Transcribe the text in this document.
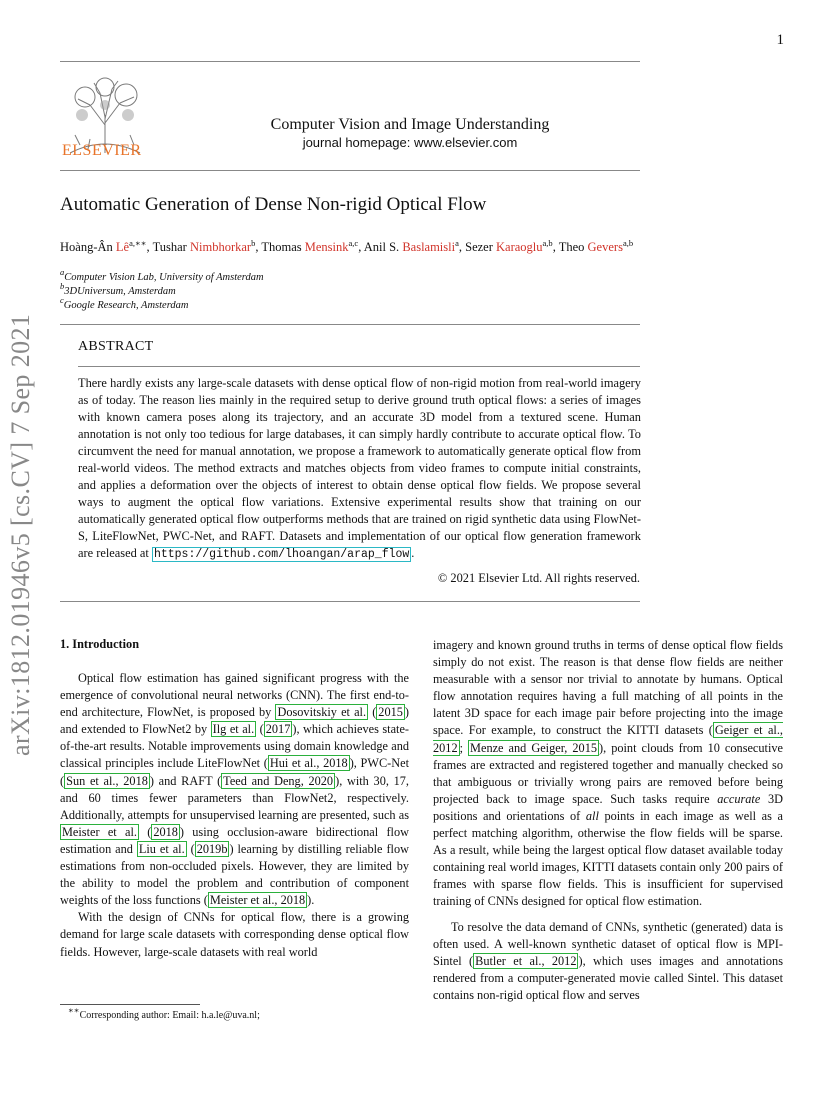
1
ELSEVIER
Computer Vision and Image Understanding
journal homepage: www.elsevier.com
Automatic Generation of Dense Non-rigid Optical Flow
Hoàng-Ân $Lê^{a,∗∗}$, Tushar Nimbhorkar$^b$, Thomas Mensink$^{a,c}$, Anil S. Baslamisli$^a$, Sezer Karaoglu$^{a,b}$, Theo Gevers$^{a,b}$
$^a$Computer Vision Lab, University of Amsterdam
$^b$3DUniversum, Amsterdam
$^c$Google Research, Amsterdam
ABSTRACT
There hardly exists any large-scale datasets with dense optical flow of non-rigid motion from real-world imagery as of today. The reason lies mainly in the required setup to derive ground truth optical flows: a series of images with known camera poses along its trajectory, and an accurate 3D model from a textured scene. Human annotation is not only too tedious for large databases, it can simply hardly contribute to accurate optical flow. To circumvent the need for manual annotation, we propose a framework to automatically generate optical flow from real-world videos. The method extracts and matches objects from video frames to compute initial constraints, and applies a deformation over the objects of interest to obtain dense optical flow fields. We propose several ways to augment the optical flow variations. Extensive experimental results show that training on our automatically generated optical flow outperforms methods that are trained on rigid synthetic data using FlowNet-S, LiteFlowNet, PWC-Net, and RAFT. Datasets and implementation of our optical flow generation framework are released at https://github.com/lhoangan/arap_flow .
© 2021 Elsevier Ltd. All rights reserved.
arXiv:1812.01946v5 [cs.CV] 7 Sep 2021 1. Introduction

Optical flow estimation has gained significant progress with the emergence of convolutional neural networks (CNN). The first end-to-end architecture, FlowNet, is proposed by Dosovitskiy et al. ( 2015 ) and extended to FlowNet2 by Ilg et al. ( 2017 ), which achieves state-of-the-art results. Notable improvements using domain knowledge and classical principles include LiteFlowNet ( Hui et al., 2018 ), PWC-Net ( Sun et al., 2018 ) and RAFT ( Teed and Deng, 2020 ), with 30, 17, and 60 times fewer parameters than FlowNet2, respectively. Additionally, attempts for unsupervised learning are presented, such as Meister et al. ( 2018 ) using occlusion-aware bidirectional flow estimation and Liu et al. ( 2019b ) learning by distilling reliable flow estimations from non-occluded pixels. However, they are limited by the ability to model the problem and contribution of component weights of the loss functions ( Meister et al., 2018 ).

With the design of CNNs for optical flow, there is a growing demand for large scale datasets with corresponding dense optical flow fields. However, large-scale datasets with real world

imagery and known ground truths in terms of dense optical flow fields simply do not exist. The reason is that dense flow fields are neither measurable with a sensor nor trivial to annotate by humans. Optical flow annotation requires having a full matching of all points in the latent 3D space for each image pair before projecting into the image space. For example, to construct the KITTI datasets ( Geiger et al., 2012 ; Menze and Geiger, 2015 ), point clouds from 10 consecutive frames are extracted and registered together and manually checked so that ambiguous or trivially wrong pairs are removed before being projected back to image space. Such tasks require accurate 3D positions and orientations of all points in each image as well as a perfect matching algorithm, otherwise the flow fields will be sparse. As a result, while being the largest optical flow dataset available today containing real world images, KITTI datasets contain only 200 pairs of frames with sparse flow fields. This is insufficient for supervised training of CNNs designed for optical flow estimation.

To resolve the data demand of CNNs, synthetic (generated) data is often used. A well-known synthetic dataset of optical flow is MPI-Sintel ( Butler et al., 2012 ), which uses images and annotations rendered from a computer-generated movie called Sintel. This dataset contains non-rigid optical flow and serves

∗∗Corresponding author: Email: h.a.le@uva.nl;
